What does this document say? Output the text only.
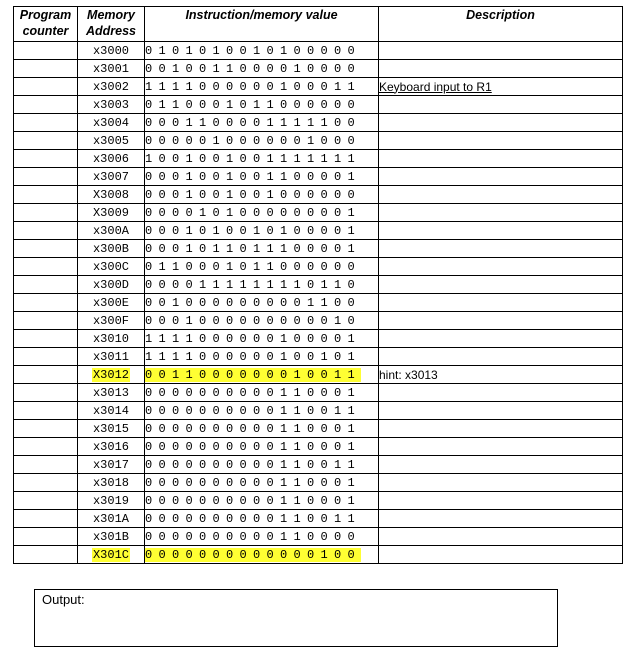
Program counter	Memory Address	Instruction/memory value	Description
	x3000	0 1 0 1 0 1 0 0 1 0 1 0 0 0 0 0	
	x3001	0 0 1 0 0 1 1 0 0 0 0 1 0 0 0 0	
	x3002	1 1 1 1 0 0 0 0 0 0 1 0 0 0 1 1	Keyboard input to R1
	x3003	0 1 1 0 0 0 1 0 1 1 0 0 0 0 0 0	
	x3004	0 0 0 1 1 0 0 0 0 1 1 1 1 1 0 0	
	x3005	0 0 0 0 0 1 0 0 0 0 0 0 1 0 0 0	
	x3006	1 0 0 1 0 0 1 0 0 1 1 1 1 1 1 1	
	x3007	0 0 0 1 0 0 1 0 0 1 1 0 0 0 0 1	
	X3008	0 0 0 1 0 0 1 0 0 1 0 0 0 0 0 0	
	X3009	0 0 0 0 1 0 1 0 0 0 0 0 0 0 0 1	
	x300A	0 0 0 1 0 1 0 0 1 0 1 0 0 0 0 1	
	x300B	0 0 0 1 0 1 1 0 1 1 1 0 0 0 0 1	
	x300C	0 1 1 0 0 0 1 0 1 1 0 0 0 0 0 0	
	x300D	0 0 0 0 1 1 1 1 1 1 1 1 0 1 1 0	
	x300E	0 0 1 0 0 0 0 0 0 0 0 0 1 1 0 0	
	x300F	0 0 0 1 0 0 0 0 0 0 0 0 0 0 1 0	
	x3010	1 1 1 1 0 0 0 0 0 0 1 0 0 0 0 1	
	x3011	1 1 1 1 0 0 0 0 0 0 1 0 0 1 0 1	
	X3012	0 0 1 1 0 0 0 0 0 0 0 1 0 0 1 1	hint: x3013
	x3013	0 0 0 0 0 0 0 0 0 0 1 1 0 0 0 1	
	x3014	0 0 0 0 0 0 0 0 0 0 1 1 0 0 1 1	
	x3015	0 0 0 0 0 0 0 0 0 0 1 1 0 0 0 1	
	x3016	0 0 0 0 0 0 0 0 0 0 1 1 0 0 0 1	
	x3017	0 0 0 0 0 0 0 0 0 0 1 1 0 0 1 1	
	x3018	0 0 0 0 0 0 0 0 0 0 1 1 0 0 0 1	
	x3019	0 0 0 0 0 0 0 0 0 0 1 1 0 0 0 1	
	x301A	0 0 0 0 0 0 0 0 0 0 1 1 0 0 1 1	
	x301B	0 0 0 0 0 0 0 0 0 0 1 1 0 0 0 0	
	X301C	0 0 0 0 0 0 0 0 0 0 0 0 0 1 0 0	
Output:
